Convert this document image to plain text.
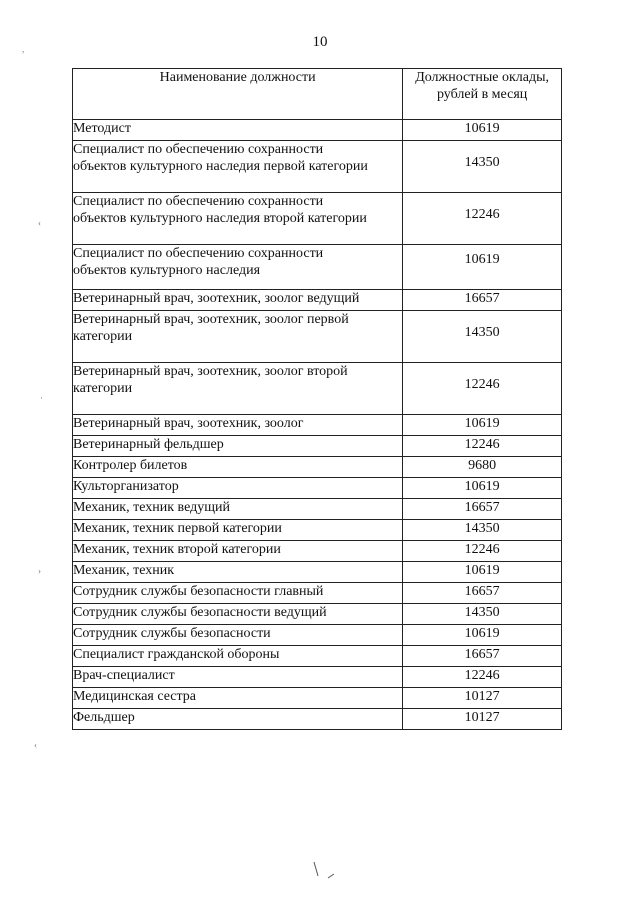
10
Наименование должности	Должностные оклады,
рублей в месяц
Методист	10619
Специалист по обеспечению сохранности
объектов культурного наследия первой категории	14350
Специалист по обеспечению сохранности
объектов культурного наследия второй категории	12246
Специалист по обеспечению сохранности
объектов культурного наследия	10619
Ветеринарный врач, зоотехник, зоолог ведущий	16657
Ветеринарный врач, зоотехник, зоолог первой
категории	14350
Ветеринарный врач, зоотехник, зоолог второй
категории	12246
Ветеринарный врач, зоотехник, зоолог	10619
Ветеринарный фельдшер	12246
Контролер билетов	9680
Культорганизатор	10619
Механик, техник ведущий	16657
Механик, техник первой категории	14350
Механик, техник второй категории	12246
Механик, техник	10619
Сотрудник службы безопасности главный	16657
Сотрудник службы безопасности ведущий	14350
Сотрудник службы безопасности	10619
Специалист гражданской обороны	16657
Врач-специалист	12246
Медицинская сестра	10127
Фельдшер	10127
,
‹
·
›
‹
